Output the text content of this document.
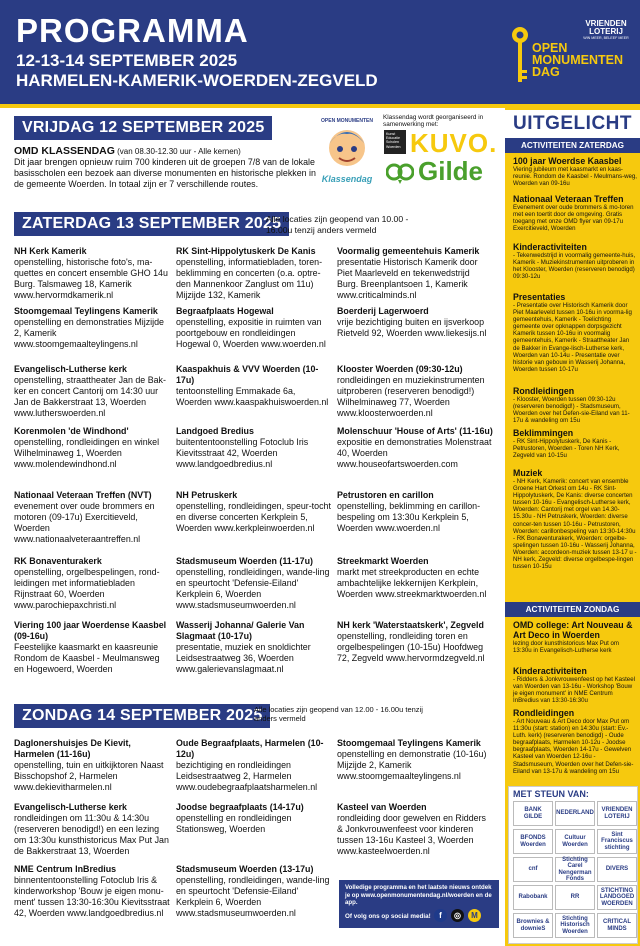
PROGRAMMA
12-13-14 SEPTEMBER 2025
HARMELEN-KAMERIK-WOERDEN-ZEGVELD
OPEN
MONUMENTEN
DAG
VRIENDEN
LOTERIJ
WIN MEER, BELEEF MEER
VRIJDAG 12 SEPTEMBER 2025
OMD KLASSENDAG (van 08.30-12.30 uur - Alle kernen)
Dit jaar brengen opnieuw ruim 700 kinderen uit de groepen 7/8 van de lokale basisscholen een bezoek aan diverse monumenten en historische plekken in de gemeente Woerden. In totaal zijn er 7 verschillende routes.
OPEN MONUMENTEN
Klassendag
Klassendag wordt georganiseerd in samenwerking met:
Kunst Educatie Scholen Woerden KUVO.
Gilde
ZATERDAG 13 SEPTEMBER 2025
Alle locaties zijn geopend van 10.00 - 16.00u tenzij anders vermeld
NH Kerk Kamerik
openstelling, historische foto's, ma-quettes en concert ensemble GHO 14u Burg. Talsmaweg 18, Kamerik www.hervormdkamerik.nl
RK Sint-Hippolytuskerk De Kanis
openstelling, informatiebladen, toren-beklimming en concerten (o.a. optre-den Mannenkoor Zanglust om 11u) Mijzijde 132, Kamerik
Voormalig gemeentehuis Kamerik
presentatie Historisch Kamerik door Piet Maarleveld en tekenwedstrijd Burg. Breenplantsoen 1, Kamerik www.criticalminds.nl
Stoomgemaal Teylingens Kamerik
openstelling en demonstraties Mijzijde 2, Kamerik www.stoomgemaalteylingens.nl
Begraafplaats Hogewal
openstelling, expositie in ruimten van poortgebouw en rondleidingen Hogewal 0, Woerden www.woerden.nl
Boerderij Lagerwoerd
vrije bezichtiging buiten en ijsverkoop Rietveld 92, Woerden www.liekesijs.nl
Evangelisch-Lutherse kerk
openstelling, straattheater Jan de Bak-ker en concert Cantorij om 14:30 uur Jan de Bakkerstraat 13, Woerden www.lutherswoerden.nl
Kaaspakhuis & VVV Woerden (10-17u)
tentoonstelling Emmakade 6a, Woerden www.kaaspakhuiswoerden.nl
Klooster Woerden (09:30-12u)
rondleidingen en muziekinstrumenten uitproberen (reserveren benodigd!) Wilhelminaweg 77, Woerden www.kloosterwoerden.nl
Korenmolen 'de Windhond'
openstelling, rondleidingen en winkel Wilhelminaweg 1, Woerden www.molendewindhond.nl
Landgoed Bredius
buitententoonstelling Fotoclub Iris Kievitsstraat 42, Woerden www.landgoedbredius.nl
Molenschuur 'House of Arts' (11-16u)
expositie en demonstraties Molenstraat 40, Woerden www.houseofartswoerden.com
Nationaal Veteraan Treffen (NVT)
evenement over oude brommers en motoren (09-17u) Exercitieveld, Woerden www.nationaalveteraantreffen.nl
NH Petruskerk
openstelling, rondleidingen, speur-tocht en diverse concerten Kerkplein 5, Woerden www.kerkpleinwoerden.nl
Petrustoren en carillon
openstelling, beklimming en carillon-bespeling om 13:30u Kerkplein 5, Woerden www.woerden.nl
RK Bonaventurakerk
openstelling, orgelbespelingen, rond-leidingen met informatiebladen Rijnstraat 60, Woerden www.parochiepaxchristi.nl
Stadsmuseum Woerden (11-17u)
openstelling, rondleidingen, wande-ling en speurtocht 'Defensie-Eiland' Kerkplein 6, Woerden www.stadsmuseumwoerden.nl
Streekmarkt Woerden
markt met streekproducten en echte ambachtelijke lekkernijen Kerkplein, Woerden www.streekmarktwoerden.nl
Viering 100 jaar Woerdense Kaasbel (09-16u)
Feestelijke kaasmarkt en kaasreunie Rondom de Kaasbel - Meulmansweg en Hogewoerd, Woerden
Wasserij Johanna/ Galerie Van Slagmaat (10-17u)
presentatie, muziek en snoldichter Leidsestraatweg 36, Woerden www.galerievanslagmaat.nl
NH kerk 'Waterstaatskerk', Zegveld
openstelling, rondleiding toren en orgelbespelingen (10-15u) Hoofdweg 72, Zegveld www.hervormdzegveld.nl
ZONDAG 14 SEPTEMBER 2025
Alle locaties zijn geopend van 12.00 - 16.00u tenzij anders vermeld
Daglonershuisjes De Kievit, Harmelen (11-16u)
openstelling, tuin en uitkijktoren Naast Bisschopshof 2, Harmelen www.dekievitharmelen.nl
Oude Begraafplaats, Harmelen (10-12u)
bezichtiging en rondleidingen Leidsestraatweg 2, Harmelen www.oudebegraafplaatsharmelen.nl
Stoomgemaal Teylingens Kamerik
openstelling en demonstratie (10-16u) Mijzijde 2, Kamerik www.stoomgemaalteylingens.nl
Evangelisch-Lutherse kerk
rondleidingen om 11:30u & 14:30u (reserveren benodigd!) en een lezing om 13:30u kunsthistoricus Max Put Jan de Bakkerstraat 13, Woerden
Joodse begraafplaats (14-17u)
openstelling en rondleidingen Stationsweg, Woerden
Kasteel van Woerden
rondleiding door gewelven en Ridders & Jonkvrouwenfeest voor kinderen tussen 13-16u Kasteel 3, Woerden www.kasteelwoerden.nl
NME Centrum InBredius
binnententoonstelling Fotoclub Iris & kinderworkshop 'Bouw je eigen monu-ment' tussen 13:30-16:30u Kievitsstraat 42, Woerden www.landgoedbredius.nl
Stadsmuseum Woerden (13-17u)
openstelling, rondleidingen, wande-ling en speurtocht 'Defensie-Eiland' Kerkplein 6, Woerden www.stadsmuseumwoerden.nl
Volledige programma en het laatste nieuws ontdek je op www.openmonumentendag.nl/woerden en de app.
Of volg ons op social media!	f	◎	M
UITGELICHT
ACTIVITEITEN ZATERDAG
100 jaar Woerdse Kaasbel
Viering jubileum met kaasmarkt en kaas-reunie. Rondom de Kaasbel - Meulmans-weg, Woerden van 09-16u
Nationaal Veteraan Treffen
Evenement over oude brommers & mo-toren met een toertit door de omgeving. Gratis toegang met onze OMD flyer van 09-17u Exercitieveld, Woerden
Kinderactiviteiten
- Tekenwedstrijd in voormalig gemeente-huis, Kamerik - Muziekinstrumenten uitproberen in het Klooster, Woerden (reserveren benodigd) 09:30-12u
Presentaties
- Presentatie over Historisch Kamerik door Piet Maarleveld tussen 10-16u in voorma-lig gemeentehuis, Kamerik - Toelichting gemeente over opknappen dorpsgezicht Kamerik tussen 10-16u in voormalig gemeentehuis, Kamerik - Straattheater Jan de Bakker in Evange-lisch-Lutherse kerk, Woerden van 10-14u - Presentatie over historie van gebouw in Wasserij Johanna, Woerden tussen 10-17u
Rondleidingen
- Klooster, Woerden tussen 09:30-12u (reserveren benodigd!) - Stadsmuseum, Woerden over het Defen-sie-Eiland van 11-17u & wandeling om 15u
Beklimmingen
- RK Sint-Hippolytuskerk, De Kanis - Petrustoren, Woerden - Toren NH Kerk, Zegveld van 10-15u
Muziek
- NH Kerk, Kamerik: concert van ensemble Groene Hart Orkest om 14u - RK Sint-Hippolytuskerk, De Kanis: diverse concerten tussen 10-16u - Evangelisch-Lutherse kerk, Woerden: Cantorij met orgel van 14.30-15.30u - NH Petruskerk, Woerden: diverse concer-ten tussen 10-16u - Petrustoren, Woerden: carillonbespeling van 13:30-14:30u - RK Bonaventurakerk, Woerden: orgelbe-spelingen tussen 10-16u - Wasserij Johanna, Woerden: accordeon-muziek tussen 13-17 u - NH kerk, Zegveld: diverse orgelbespe-lingen tussen 10-15u
ACTIVITEITEN ZONDAG
OMD college: Art Nouveau & Art Deco in Woerden
lezing door kunsthistoricus Max Put om 13:30u in Evangelisch-Lutherse kerk
Kinderactiviteiten
- Ridders & Jonkvrouwenfeest op het Kasteel van Woerden van 13-16u - Workshop 'Bouw je eigen monument' in NME Centrum InBredius van 13:30-16:30u
Rondleidingen
- Art Nouveau & Art Deco door Max Put om 11:30u (start: station) en 14:30u (start: Ev.-Luth. kerk) (reserveren benodigd) - Oude begraafplaats, Harmelen 10-12u - Joodse begraafplaats, Woerden 14-17u - Gewelven Kasteel van Woerden 12-16u - Stadsmuseum, Woerden over het Defen-sie-Eiland van 13-17u & wandeling om 15u
MET STEUN VAN:
BANK GILDE
NEDERLAND
VRIENDEN LOTERIJ
BFONDS Woerden
Cultuur Woerden
Sint Franciscus stichting
cnf
Stichting Carel Nengerman Fonds
DIVERS
Rabobank	RR
STICHTING LANDGOED WOERDEN
Brownies & downieS
Stichting Historisch Woerden
CRITICAL MINDS
